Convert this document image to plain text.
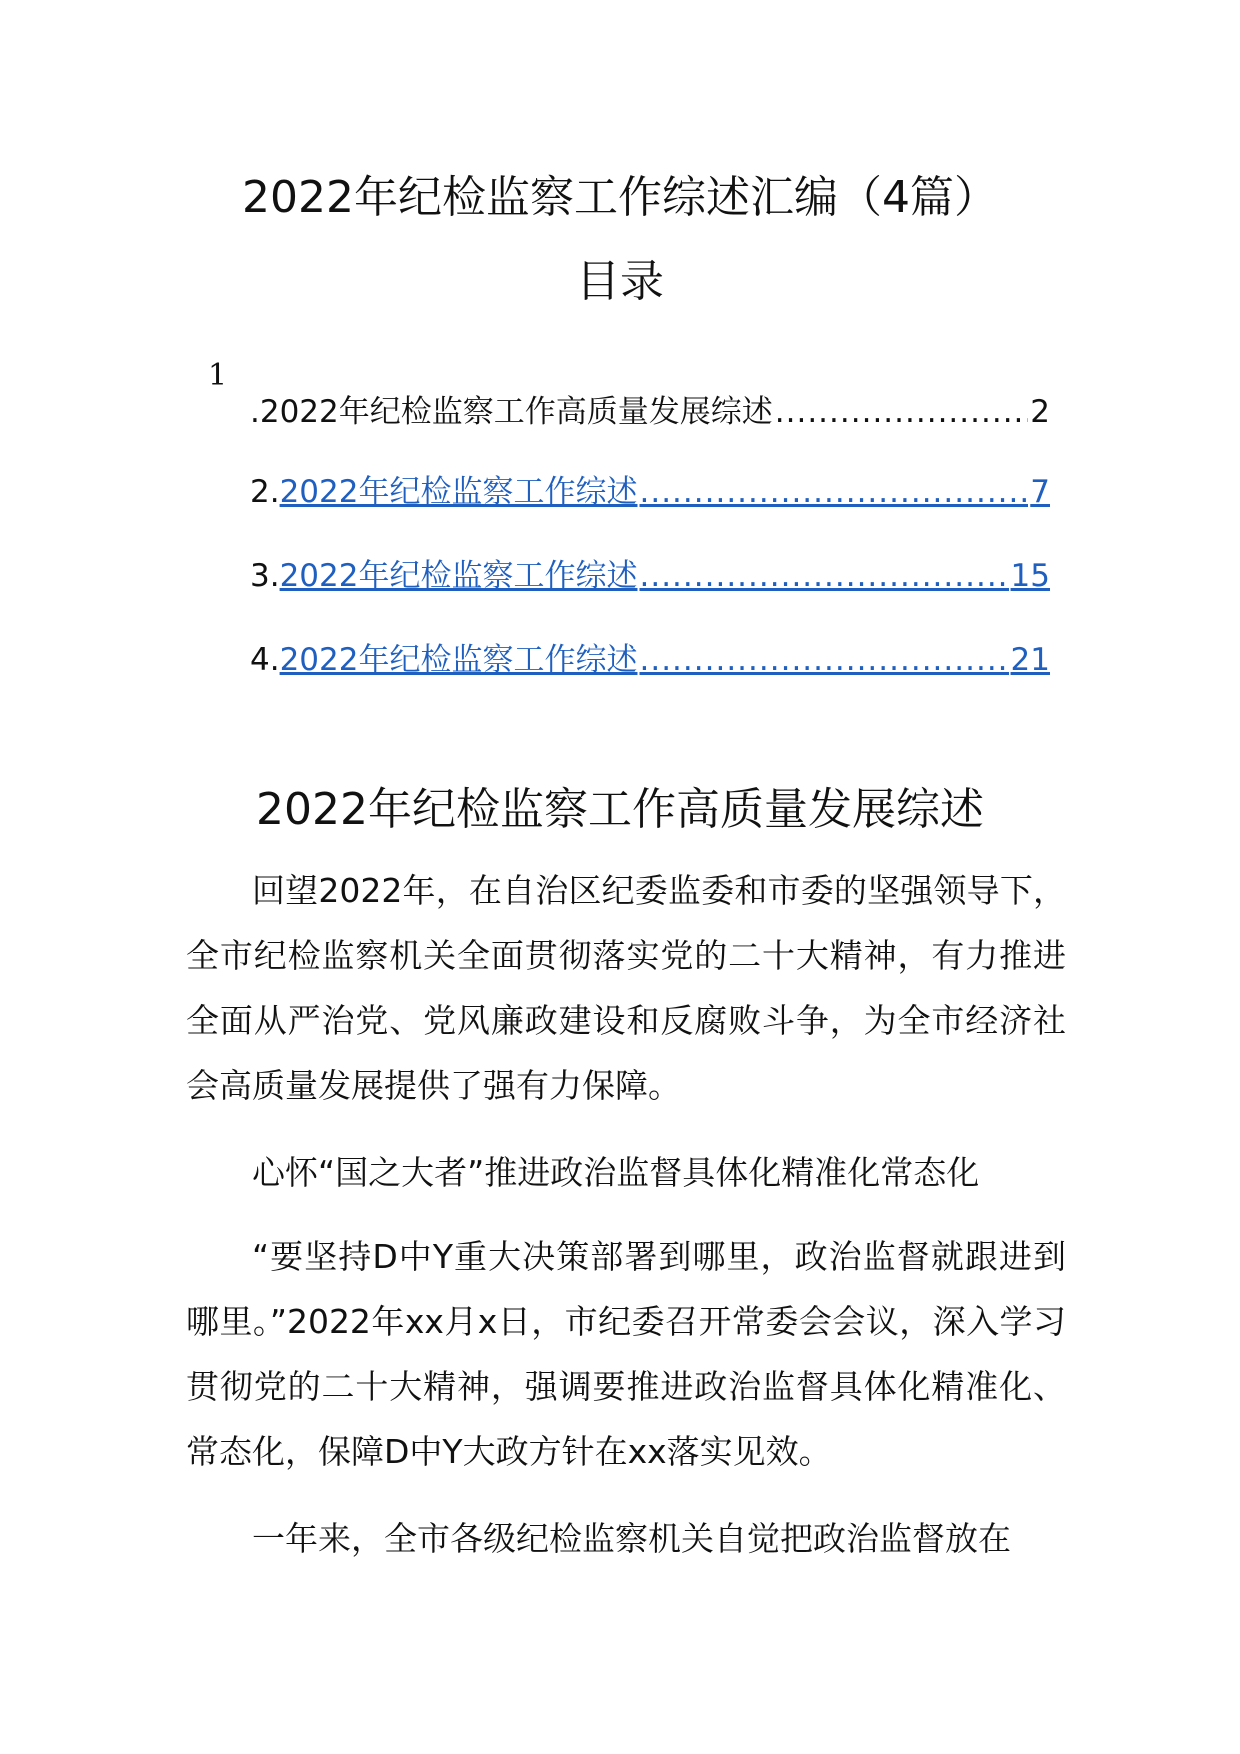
2022年纪检监察工作综述汇编（4篇）
目录
1
. 2022年纪检监察工作高质量发展综述 .....	2
2. 2022年纪检监察工作综述 .....	7
3. 2022年纪检监察工作综述 .....	15
4. 2022年纪检监察工作综述 .....	21
2022年纪检监察工作高质量发展综述

回望2022年，在自治区纪委监委和市委的坚强领导下，全市纪检监察机关全面贯彻落实党的二十大精神，有力推进全面从严治党、党风廉政建设和反腐败斗争，为全市经济社会高质量发展提供了强有力保障。

心怀“国之大者”推进政治监督具体化精准化常态化

“要坚持D中Y重大决策部署到哪里，政治监督就跟进到哪里。”2022年xx月x日，市纪委召开常委会会议，深入学习贯彻党的二十大精神，强调要推进政治监督具体化精准化、常态化，保障D中Y大政方针在xx落实见效。

一年来，全市各级纪检监察机关自觉把政治监督放在
